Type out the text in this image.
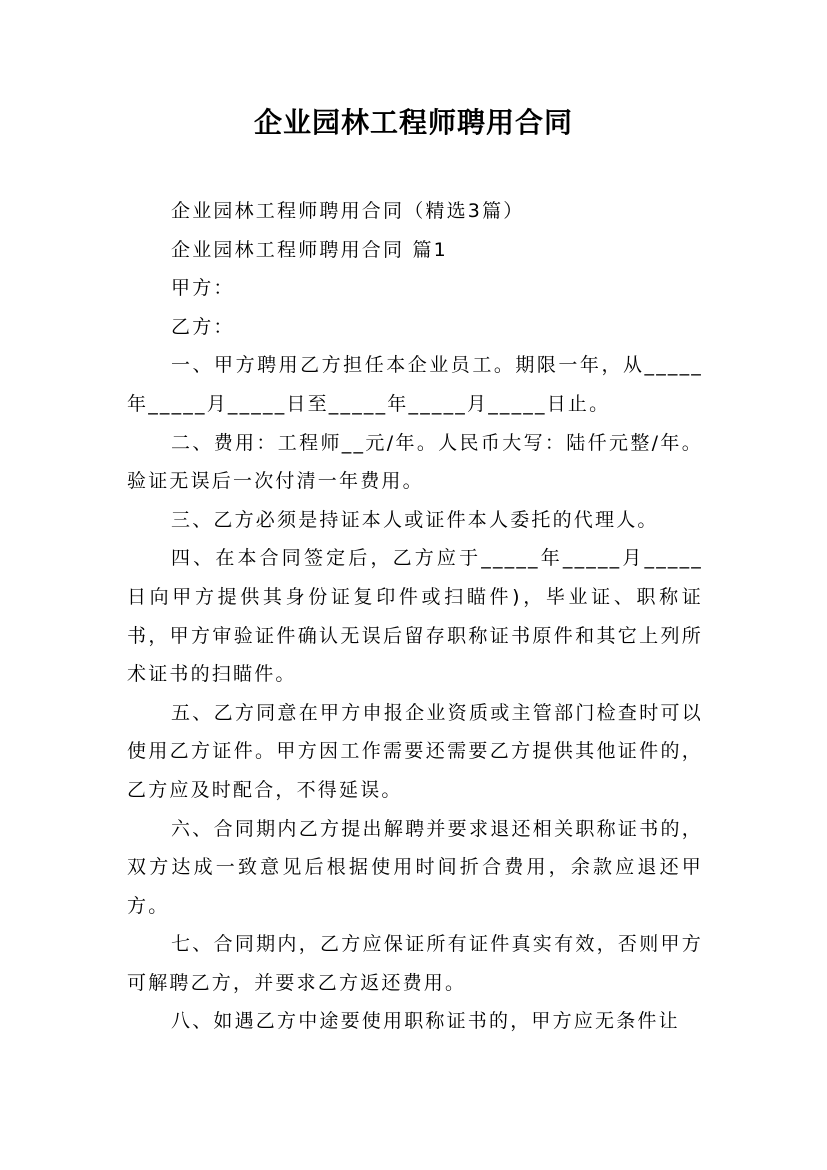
企业园林工程师聘用合同

企业园林工程师聘用合同（精选3篇）

企业园林工程师聘用合同 篇1

甲方：

乙方：

一、甲方聘用乙方担任本企业员工。期限一年，从_____年_____月_____日至_____年_____月_____日止。

二、费用：工程师__元/年。人民币大写：陆仟元整/年。验证无误后一次付清一年费用。

三、乙方必须是持证本人或证件本人委托的代理人。

四、在本合同签定后，乙方应于_____年_____月_____日向甲方提供其身份证复印件或扫瞄件)，毕业证、职称证书，甲方审验证件确认无误后留存职称证书原件和其它上列所术证书的扫瞄件。

五、乙方同意在甲方申报企业资质或主管部门检查时可以使用乙方证件。甲方因工作需要还需要乙方提供其他证件的，乙方应及时配合，不得延误。

六、合同期内乙方提出解聘并要求退还相关职称证书的，双方达成一致意见后根据使用时间折合费用，余款应退还甲方。

七、合同期内，乙方应保证所有证件真实有效，否则甲方可解聘乙方，并要求乙方返还费用。

八、如遇乙方中途要使用职称证书的，甲方应无条件让
